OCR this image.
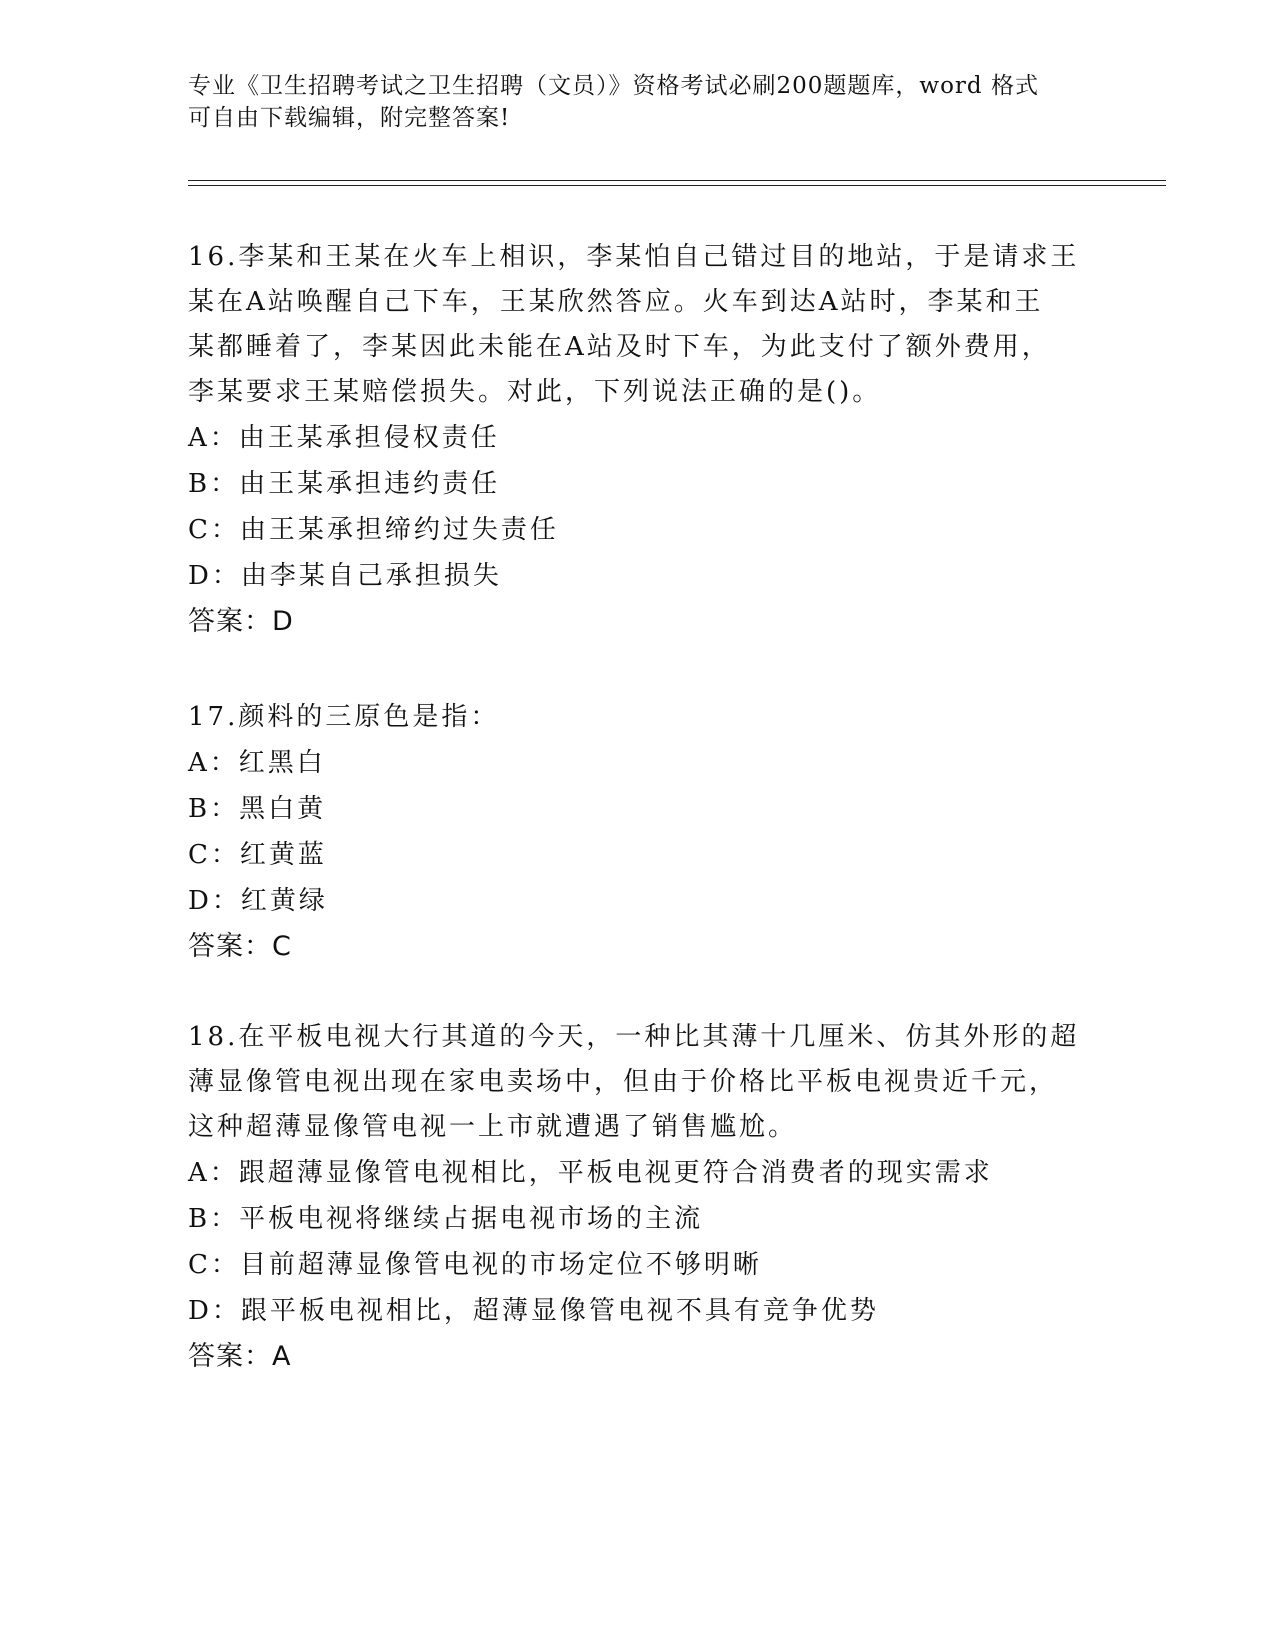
专业《卫生招聘考试之卫生招聘（文员）》资格考试必刷200题题库，word 格式
可自由下载编辑，附完整答案!
16.李某和王某在火车上相识，李某怕自己错过目的地站，于是请求王
某在A站唤醒自己下车，王某欣然答应。火车到达A站时，李某和王
某都睡着了，李某因此未能在A站及时下车，为此支付了额外费用，
李某要求王某赔偿损失。对此，下列说法正确的是()。
A：由王某承担侵权责任
B：由王某承担违约责任
C：由王某承担缔约过失责任
D：由李某自己承担损失
答案：D
17.颜料的三原色是指：
A：红黑白
B：黑白黄
C：红黄蓝
D：红黄绿
答案：C
18.在平板电视大行其道的今天，一种比其薄十几厘米、仿其外形的超
薄显像管电视出现在家电卖场中，但由于价格比平板电视贵近千元，
这种超薄显像管电视一上市就遭遇了销售尴尬。
A：跟超薄显像管电视相比，平板电视更符合消费者的现实需求
B：平板电视将继续占据电视市场的主流
C：目前超薄显像管电视的市场定位不够明晰
D：跟平板电视相比，超薄显像管电视不具有竞争优势
答案：A
